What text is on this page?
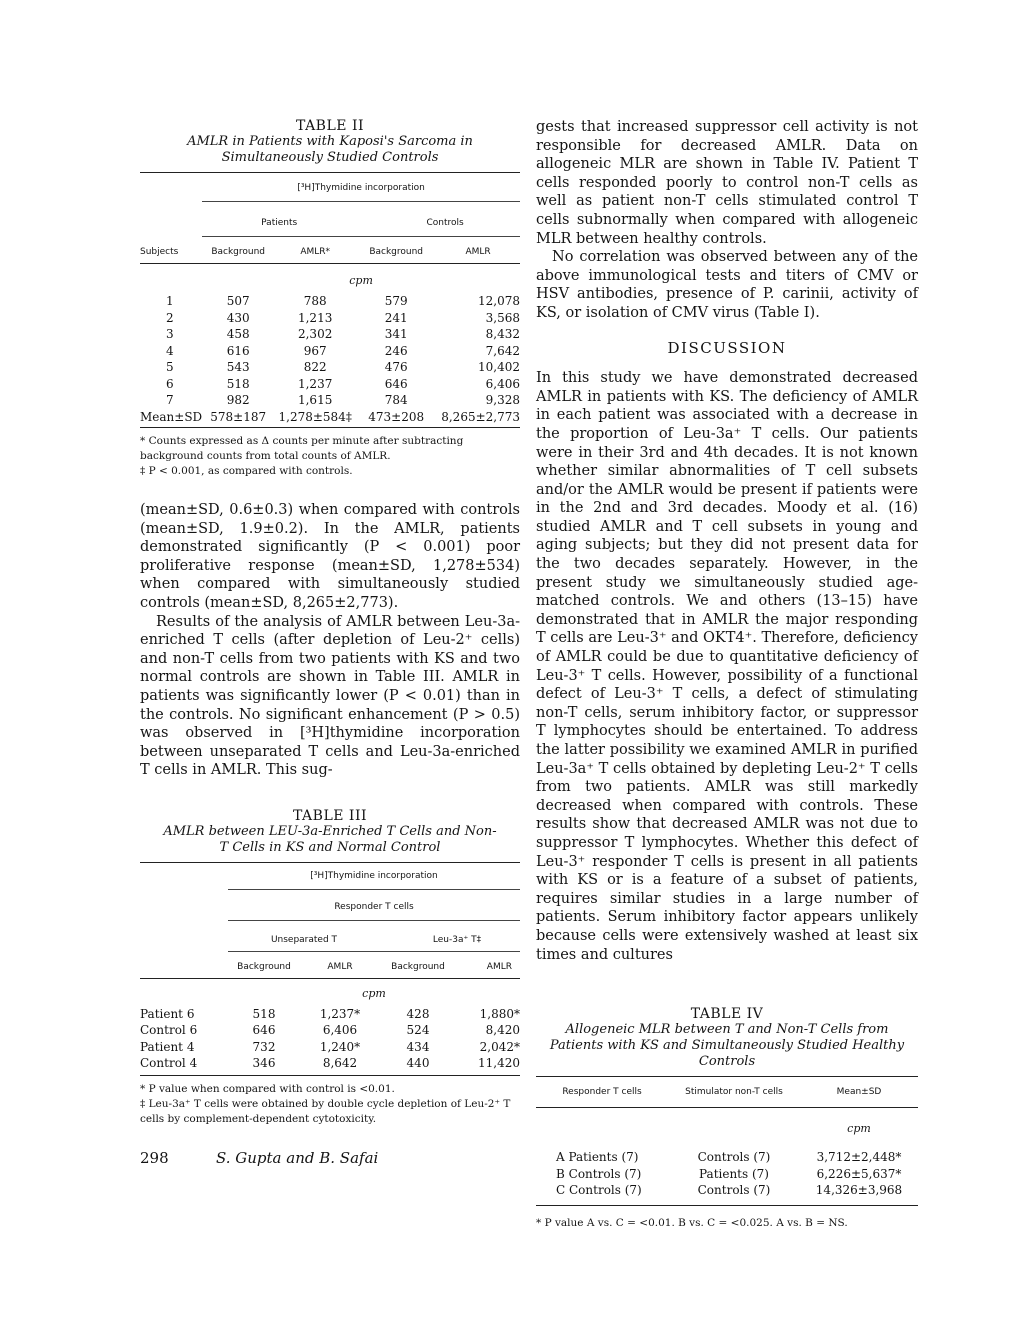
TABLE II
AMLR in Patients with Kaposi's Sarcoma in Simultaneously Studied Controls

	[³H]Thymidine incorporation			
	Patients		Controls	
Subjects	Background	AMLR*	Background	AMLR
	cpm			
1	507	788	579	12,078
2	430	1,213	241	3,568
3	458	2,302	341	8,432
4	616	967	246	7,642
5	543	822	476	10,402
6	518	1,237	646	6,406
7	982	1,615	784	9,328
Mean±SD	578±187	1,278±584‡	473±208	8,265±2,773
* Counts expressed as Δ counts per minute after subtracting background counts from total counts of AMLR.
‡ P < 0.001, as compared with controls.

(mean±SD, 0.6±0.3) when compared with controls (mean±SD, 1.9±0.2). In the AMLR, patients demonstrated significantly (P < 0.001) poor proliferative response (mean±SD, 1,278±534) when compared with simultaneously studied controls (mean±SD, 8,265±2,773).

Results of the analysis of AMLR between Leu-3a-enriched T cells (after depletion of Leu-2⁺ cells) and non-T cells from two patients with KS and two normal controls are shown in Table III. AMLR in patients was significantly lower (P < 0.01) than in the controls. No significant enhancement (P > 0.5) was observed in [³H]thymidine incorporation between unseparated T cells and Leu-3a-enriched T cells in AMLR. This sug-

TABLE III
AMLR between LEU-3a-Enriched T Cells and Non-T Cells in KS and Normal Control

	[³H]Thymidine incorporation			
	Responder T cells			
	Unseparated T		Leu-3a⁺ T‡	
	Background	AMLR	Background	AMLR
	cpm			
Patient 6	518	1,237*	428	1,880*
Control 6	646	6,406	524	8,420
Patient 4	732	1,240*	434	2,042*
Control 4	346	8,642	440	11,420
* P value when compared with control is <0.01.
‡ Leu-3a⁺ T cells were obtained by double cycle depletion of Leu-2⁺ T cells by complement-dependent cytotoxicity.

gests that increased suppressor cell activity is not responsible for decreased AMLR. Data on allogeneic MLR are shown in Table IV. Patient T cells responded poorly to control non-T cells as well as patient non-T cells stimulated control T cells subnormally when compared with allogeneic MLR between healthy controls.

No correlation was observed between any of the above immunological tests and titers of CMV or HSV antibodies, presence of P. carinii, activity of KS, or isolation of CMV virus (Table I).

DISCUSSION

In this study we have demonstrated decreased AMLR in patients with KS. The deficiency of AMLR in each patient was associated with a decrease in the proportion of Leu-3a⁺ T cells. Our patients were in their 3rd and 4th decades. It is not known whether similar abnormalities of T cell subsets and/or the AMLR would be present if patients were in the 2nd and 3rd decades. Moody et al. (16) studied AMLR and T cell subsets in young and aging subjects; but they did not present data for the two decades separately. However, in the present study we simultaneously studied age-matched controls. We and others (13–15) have demonstrated that in AMLR the major responding T cells are Leu-3⁺ and OKT4⁺. Therefore, deficiency of AMLR could be due to quantitative deficiency of Leu-3⁺ T cells. However, possibility of a functional defect of Leu-3⁺ T cells, a defect of stimulating non-T cells, serum inhibitory factor, or suppressor T lymphocytes should be entertained. To address the latter possibility we examined AMLR in purified Leu-3a⁺ T cells obtained by depleting Leu-2⁺ T cells from two patients. AMLR was still markedly decreased when compared with controls. These results show that decreased AMLR was not due to suppressor T lymphocytes. Whether this defect of Leu-3⁺ responder T cells is present in all patients with KS or is a feature of a subset of patients, requires similar studies in a large number of patients. Serum inhibitory factor appears unlikely because cells were extensively washed at least six times and cultures

TABLE IV
Allogeneic MLR between T and Non-T Cells from Patients with KS and Simultaneously Studied Healthy Controls

Responder T cells	Stimulator non-T cells	Mean±SD
		cpm
A Patients (7)	Controls (7)	3,712±2,448*
B Controls (7)	Patients (7)	6,226±5,637*
C Controls (7)	Controls (7)	14,326±3,968
* P value A vs. C = <0.01. B vs. C = <0.025. A vs. B = NS.
298	S. Gupta and B. Safai
